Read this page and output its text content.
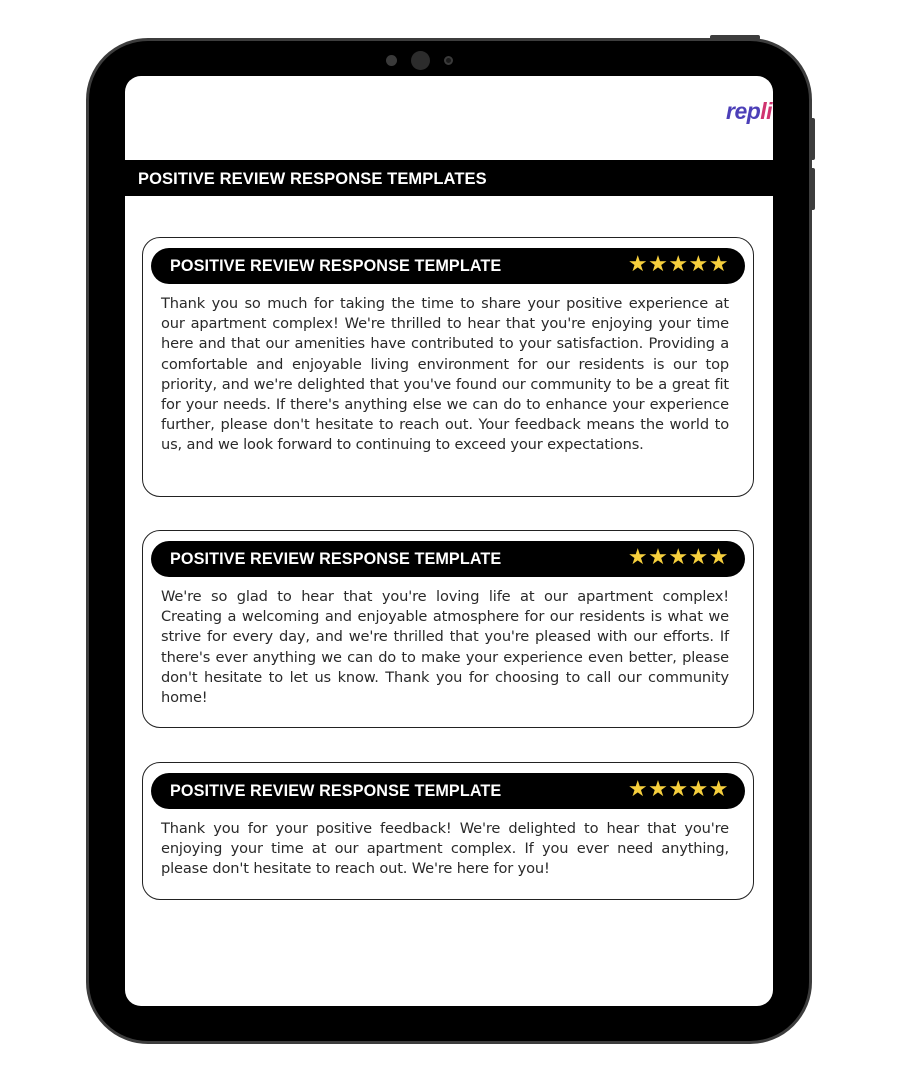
repli
POSITIVE REVIEW RESPONSE TEMPLATES
POSITIVE REVIEW RESPONSE TEMPLATE	★★★★★
Thank you so much for taking the time to share your positive experience at our apartment complex! We're thrilled to hear that you're enjoying your time here and that our amenities have contributed to your satisfaction. Providing a comfortable and enjoyable living environment for our residents is our top priority, and we're delighted that you've found our community to be a great fit for your needs. If there's anything else we can do to enhance your experience further, please don't hesitate to reach out. Your feedback means the world to us, and we look forward to continuing to exceed your expectations.
POSITIVE REVIEW RESPONSE TEMPLATE	★★★★★
We're so glad to hear that you're loving life at our apartment complex! Creating a welcoming and enjoyable atmosphere for our residents is what we strive for every day, and we're thrilled that you're pleased with our efforts. If there's ever anything we can do to make your experience even better, please don't hesitate to let us know. Thank you for choosing to call our community home!
POSITIVE REVIEW RESPONSE TEMPLATE	★★★★★
Thank you for your positive feedback! We're delighted to hear that you're enjoying your time at our apartment complex. If you ever need anything, please don't hesitate to reach out. We're here for you!
